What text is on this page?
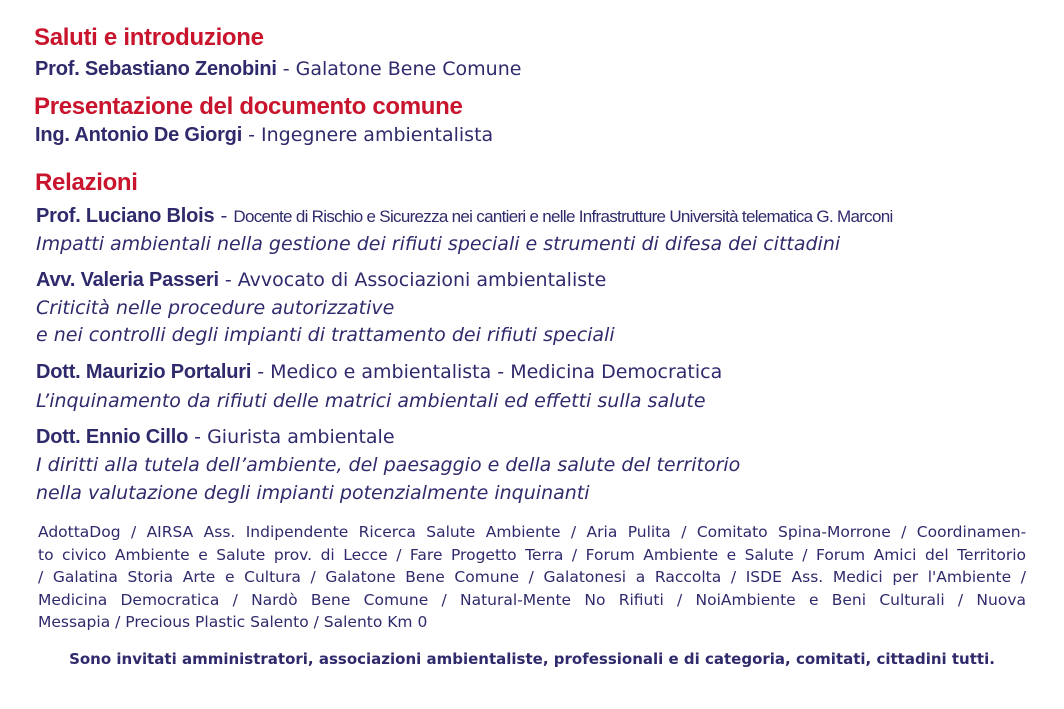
Saluti e introduzione
Prof. Sebastiano Zenobini - Galatone Bene Comune
Presentazione del documento comune
Ing. Antonio De Giorgi - Ingegnere ambientalista
Relazioni
Prof. Luciano Blois - Docente di Rischio e Sicurezza nei cantieri e nelle Infrastrutture Università telematica G. Marconi
Impatti ambientali nella gestione dei rifiuti speciali e strumenti di difesa dei cittadini
Avv. Valeria Passeri - Avvocato di Associazioni ambientaliste
Criticità nelle procedure autorizzative
e nei controlli degli impianti di trattamento dei rifiuti speciali
Dott. Maurizio Portaluri - Medico e ambientalista - Medicina Democratica
L’inquinamento da rifiuti delle matrici ambientali ed effetti sulla salute
Dott. Ennio Cillo - Giurista ambientale
I diritti alla tutela dell’ambiente, del paesaggio e della salute del territorio
nella valutazione degli impianti potenzialmente inquinanti
AdottaDog / AIRSA Ass. Indipendente Ricerca Salute Ambiente / Aria Pulita / Comitato Spina-Morrone / Coordinamen-
to civico Ambiente e Salute prov. di Lecce / Fare Progetto Terra / Forum Ambiente e Salute / Forum Amici del Territorio
/ Galatina Storia Arte e Cultura / Galatone Bene Comune / Galatonesi a Raccolta / ISDE Ass. Medici per l'Ambiente /
Medicina Democratica / Nardò Bene Comune / Natural-Mente No Rifiuti / NoiAmbiente e Beni Culturali / Nuova
Messapia / Precious Plastic Salento / Salento Km 0
Sono invitati amministratori, associazioni ambientaliste, professionali e di categoria, comitati, cittadini tutti.
